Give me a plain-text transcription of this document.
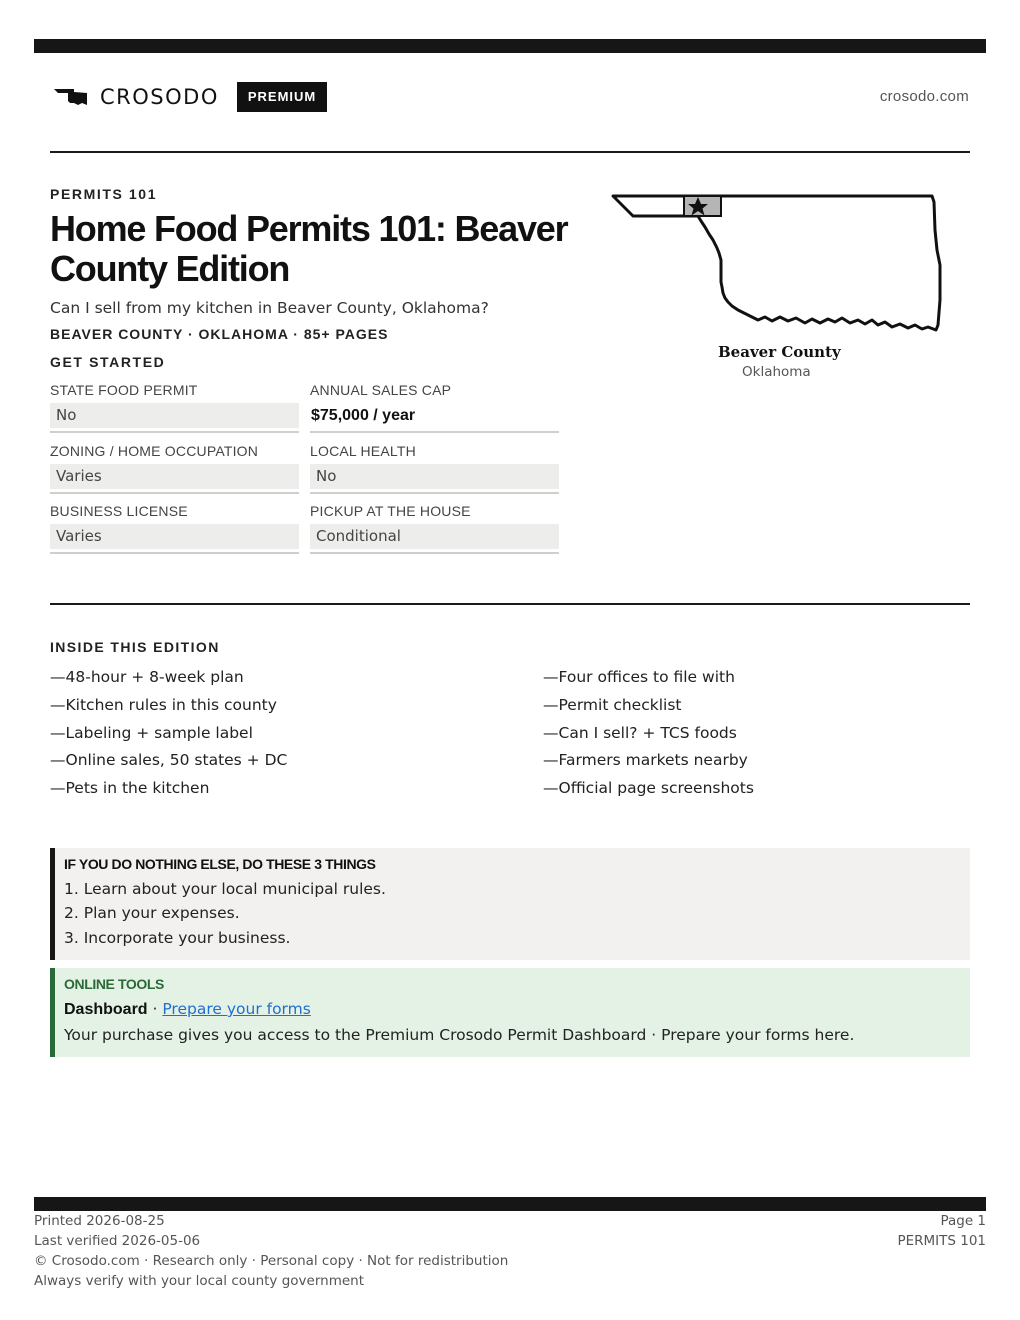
CROSODO	PREMIUM	crosodo.com
PERMITS 101
Home Food Permits 101: Beaver County Edition
Can I sell from my kitchen in Beaver County, Oklahoma?
BEAVER COUNTY · OKLAHOMA · 85+ PAGES
GET STARTED
STATE FOOD PERMIT
No
ANNUAL SALES CAP
$75,000 / year
ZONING / HOME OCCUPATION
Varies
LOCAL HEALTH
No
BUSINESS LICENSE
Varies
PICKUP AT THE HOUSE
Conditional
Beaver County
Oklahoma
INSIDE THIS EDITION
—48-hour + 8-week plan
—Kitchen rules in this county
—Labeling + sample label
—Online sales, 50 states + DC
—Pets in the kitchen
—Four offices to file with
—Permit checklist
—Can I sell? + TCS foods
—Farmers markets nearby
—Official page screenshots
IF YOU DO NOTHING ELSE, DO THESE 3 THINGS
1. Learn about your local municipal rules.
2. Plan your expenses.
3. Incorporate your business.
ONLINE TOOLS
Dashboard · Prepare your forms
Your purchase gives you access to the Premium Crosodo Permit Dashboard · Prepare your forms here.
Printed 2026-08-25
Last verified 2026-05-06
© Crosodo.com · Research only · Personal copy · Not for redistribution
Always verify with your local county government
Page 1
PERMITS 101
